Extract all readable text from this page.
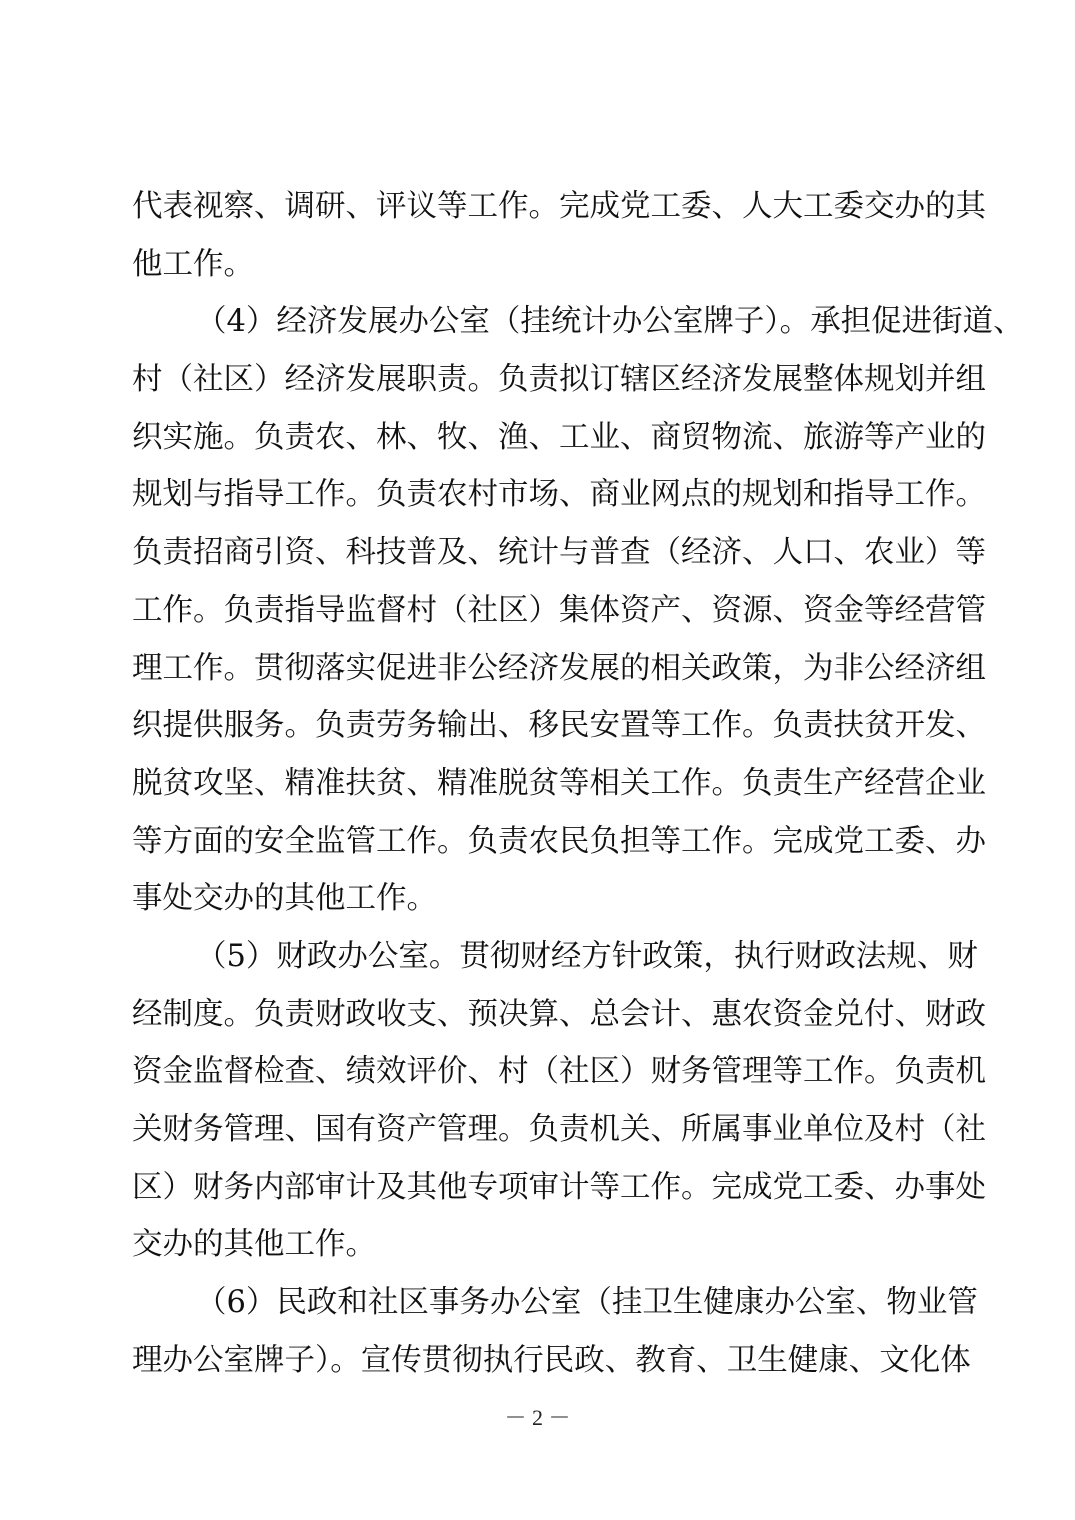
代表视察、调研、评议等工作。完成党工委、人大工委交办的其
他工作。
（4）经济发展办公室（挂统计办公室牌子）。承担促进街道、
村（社区）经济发展职责。负责拟订辖区经济发展整体规划并组
织实施。负责农、林、牧、渔、工业、商贸物流、旅游等产业的
规划与指导工作。负责农村市场、商业网点的规划和指导工作。
负责招商引资、科技普及、统计与普查（经济、人口、农业）等
工作。负责指导监督村（社区）集体资产、资源、资金等经营管
理工作。贯彻落实促进非公经济发展的相关政策，为非公经济组
织提供服务。负责劳务输出、移民安置等工作。负责扶贫开发、
脱贫攻坚、精准扶贫、精准脱贫等相关工作。负责生产经营企业
等方面的安全监管工作。负责农民负担等工作。完成党工委、办
事处交办的其他工作。
（5）财政办公室。贯彻财经方针政策，执行财政法规、财
经制度。负责财政收支、预决算、总会计、惠农资金兑付、财政
资金监督检查、绩效评价、村（社区）财务管理等工作。负责机
关财务管理、国有资产管理。负责机关、所属事业单位及村（社
区）财务内部审计及其他专项审计等工作。完成党工委、办事处
交办的其他工作。
（6）民政和社区事务办公室（挂卫生健康办公室、物业管
理办公室牌子）。宣传贯彻执行民政、教育、卫生健康、文化体
－ 2 －
